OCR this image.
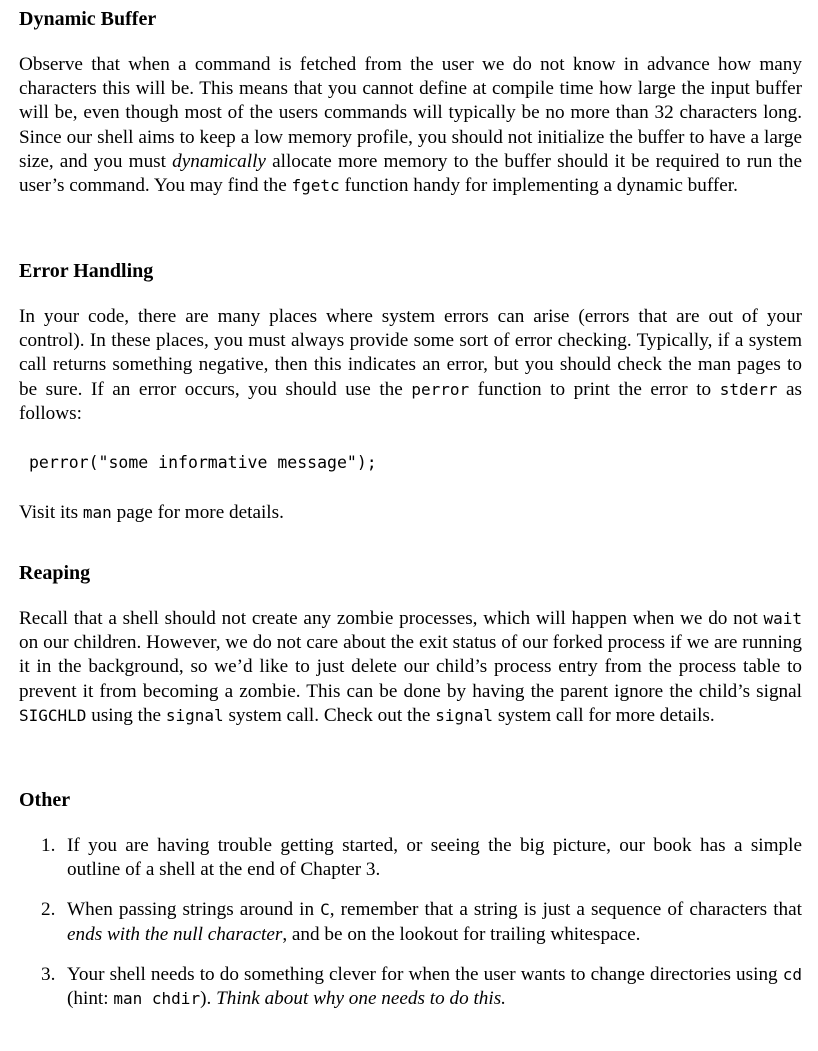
Dynamic Buffer

Observe that when a command is fetched from the user we do not know in advance how many characters this will be. This means that you cannot define at compile time how large the input buffer will be, even though most of the users commands will typically be no more than 32 characters long. Since our shell aims to keep a low memory profile, you should not initialize the buffer to have a large size, and you must dynamically allocate more memory to the buffer should it be required to run the user’s command. You may find the fgetc function handy for implementing a dynamic buffer.

Error Handling

In your code, there are many places where system errors can arise (errors that are out of your control). In these places, you must always provide some sort of error checking. Typically, if a system call returns something negative, then this indicates an error, but you should check the man pages to be sure. If an error occurs, you should use the perror function to print the error to stderr as follows:

perror("some informative message");

Visit its man page for more details.

Reaping

Recall that a shell should not create any zombie processes, which will happen when we do not wait on our children. However, we do not care about the exit status of our forked process if we are running it in the background, so we’d like to just delete our child’s process entry from the process table to prevent it from becoming a zombie. This can be done by having the parent ignore the child’s signal SIGCHLD using the signal system call. Check out the signal system call for more details.

Other
1. If you are having trouble getting started, or seeing the big picture, our book has a simple outline of a shell at the end of Chapter 3.

2. When passing strings around in C, remember that a string is just a sequence of characters that ends with the null character, and be on the lookout for trailing whitespace.

3. Your shell needs to do something clever for when the user wants to change directories using cd (hint: man chdir). Think about why one needs to do this.
